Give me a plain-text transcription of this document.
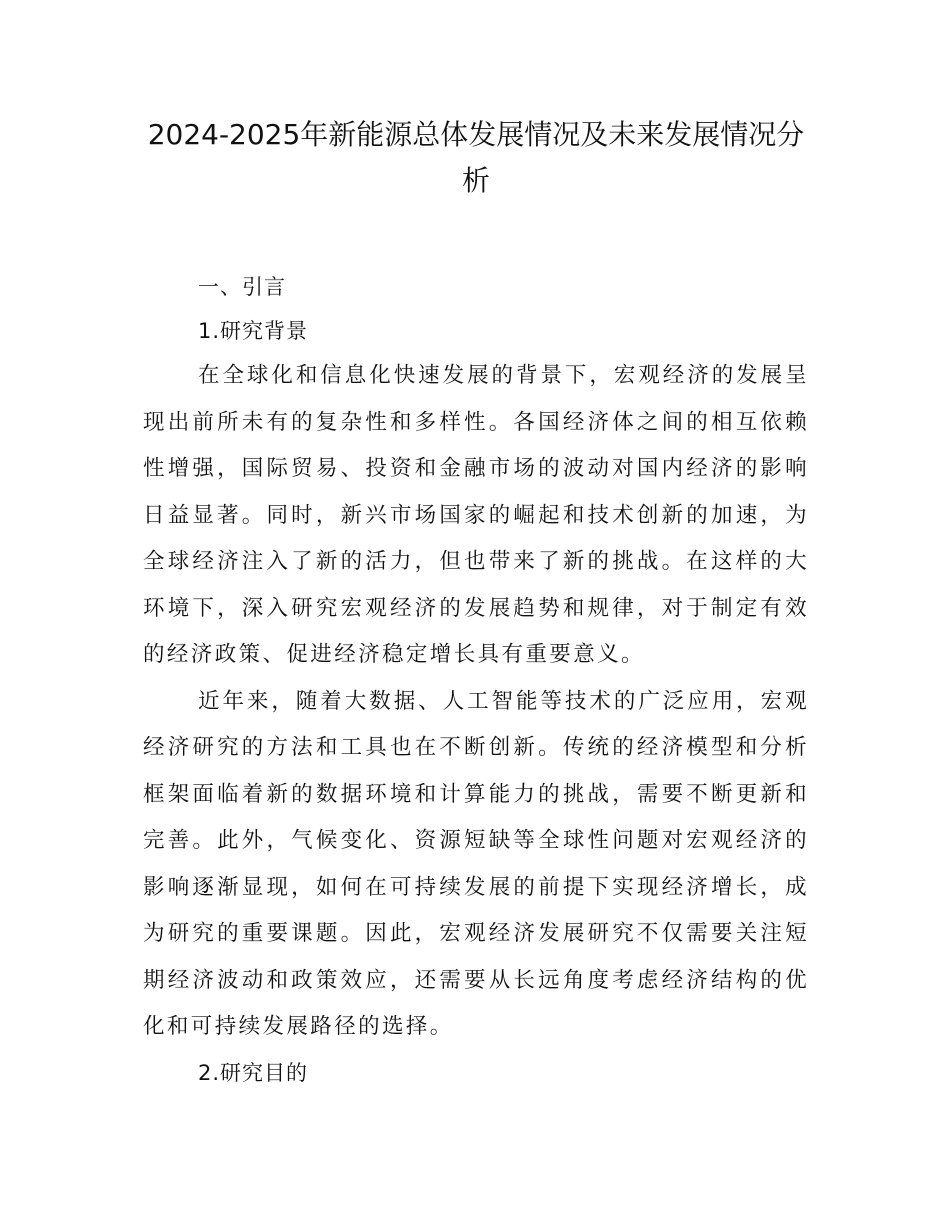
2024-2025年新能源总体发展情况及未来发展情况分析
一、引言
1.研究背景

在全球化和信息化快速发展的背景下，宏观经济的发展呈现出前所未有的复杂性和多样性。各国经济体之间的相互依赖性增强，国际贸易、投资和金融市场的波动对国内经济的影响日益显著。同时，新兴市场国家的崛起和技术创新的加速，为全球经济注入了新的活力，但也带来了新的挑战。在这样的大环境下，深入研究宏观经济的发展趋势和规律，对于制定有效的经济政策、促进经济稳定增长具有重要意义。

近年来，随着大数据、人工智能等技术的广泛应用，宏观经济研究的方法和工具也在不断创新。传统的经济模型和分析框架面临着新的数据环境和计算能力的挑战，需要不断更新和完善。此外，气候变化、资源短缺等全球性问题对宏观经济的影响逐渐显现，如何在可持续发展的前提下实现经济增长，成为研究的重要课题。因此，宏观经济发展研究不仅需要关注短期经济波动和政策效应，还需要从长远角度考虑经济结构的优化和可持续发展路径的选择。

2.研究目的
